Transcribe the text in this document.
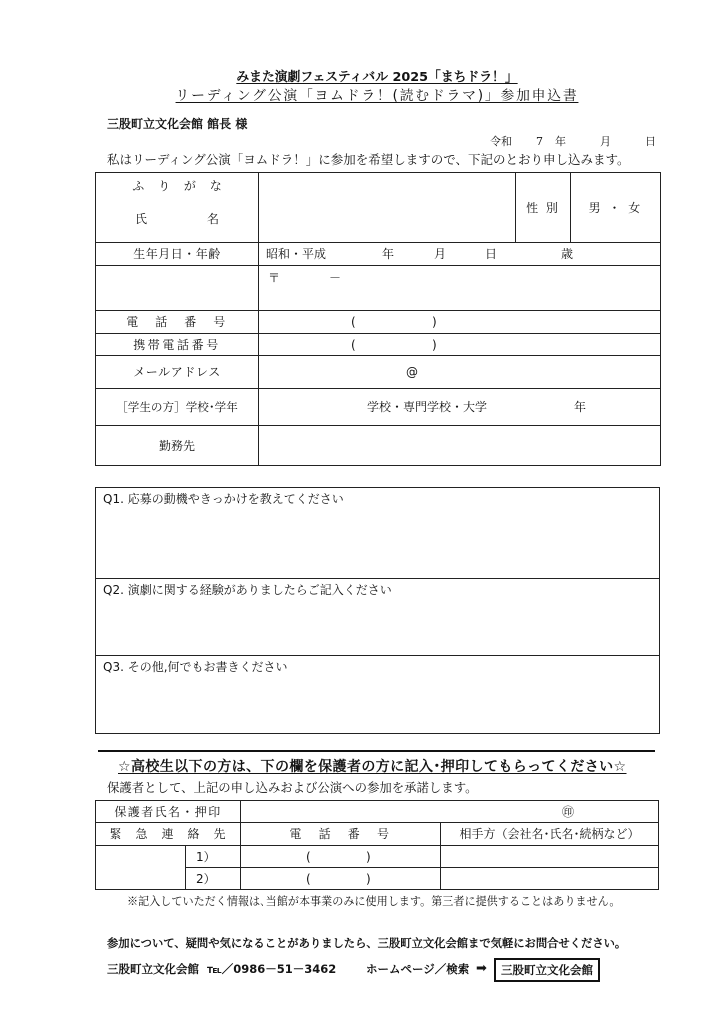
みまた演劇フェスティバル 2025「まちドラ！」
リーディング公演「ヨムドラ！(読むドラマ)」参加申込書
三股町立文化会館 館長 様
令和 7 年	月	日
私はリーディング公演「ヨムドラ！」に参加を希望しますので、下記のとおり申し込みます。
ふ り が な
氏　　　名		性 別	男 ・ 女
生年月日・年齢	昭和・平成 年 月 日 歳		

	〒 －		

電　話　番　号	( )		

携帯電話番号	( )		

メールアドレス	@		

［学生の方］学校･学年	学校・専門学校・大学 年		

勤務先			
Q1. 応募の動機やきっかけを教えてください
Q2. 演劇に関する経験がありましたらご記入ください
Q3. その他,何でもお書きください
☆高校生以下の方は、下の欄を保護者の方に記入･押印してもらってください☆
保護者として、上記の申し込みおよび公演への参加を承諾します。
保護者氏名・押印		㊞	

緊　急　連　絡　先		電　話　番　号	相手方（会社名･氏名･続柄など）
	1）	( )	

	2）	( )	

※記入していただく情報は､当館が本事業のみに使用します。第三者に提供することはありません。
参加について、疑問や気になることがありましたら、三股町立文化会館まで気軽にお問合せください。
三股町立文化会館 ℡／0986－51－3462	ホームページ／検索 ➡	三股町立文化会館
